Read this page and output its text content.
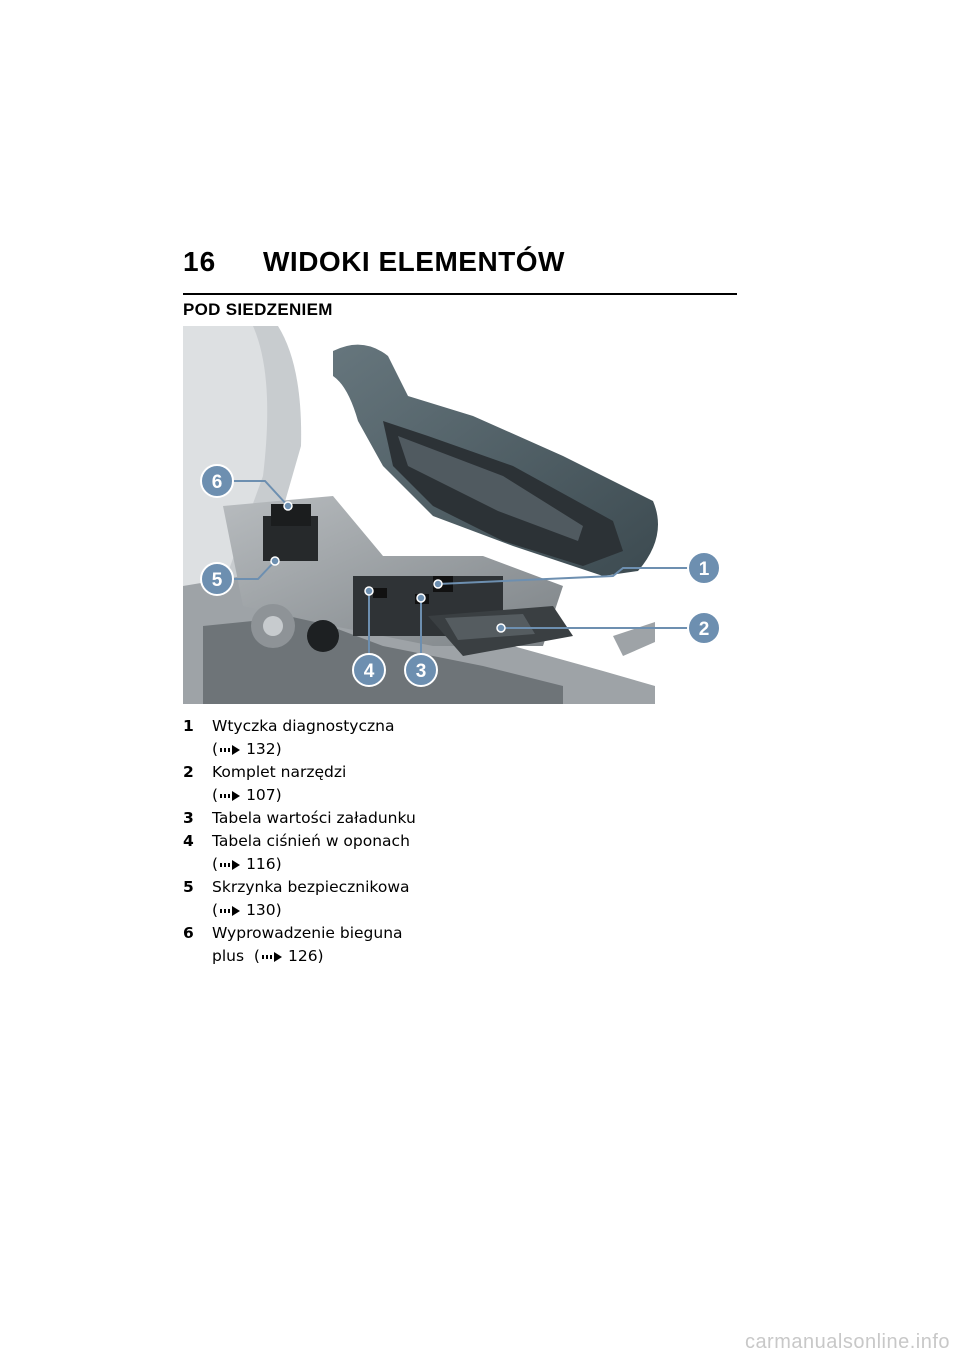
16	WIDOKI ELEMENTÓW
POD SIEDZENIEM
1
2
3
4
5
6
1	Wtyczka diagnostyczna
( 132)
2	Komplet narzędzi
( 107)
3	Tabela wartości załadunku
4	Tabela ciśnień w oponach
( 116)
5	Skrzynka bezpiecznikowa
( 130)
6	Wyprowadzenie bieguna
plus  ( 126)
carmanualsonline.info
